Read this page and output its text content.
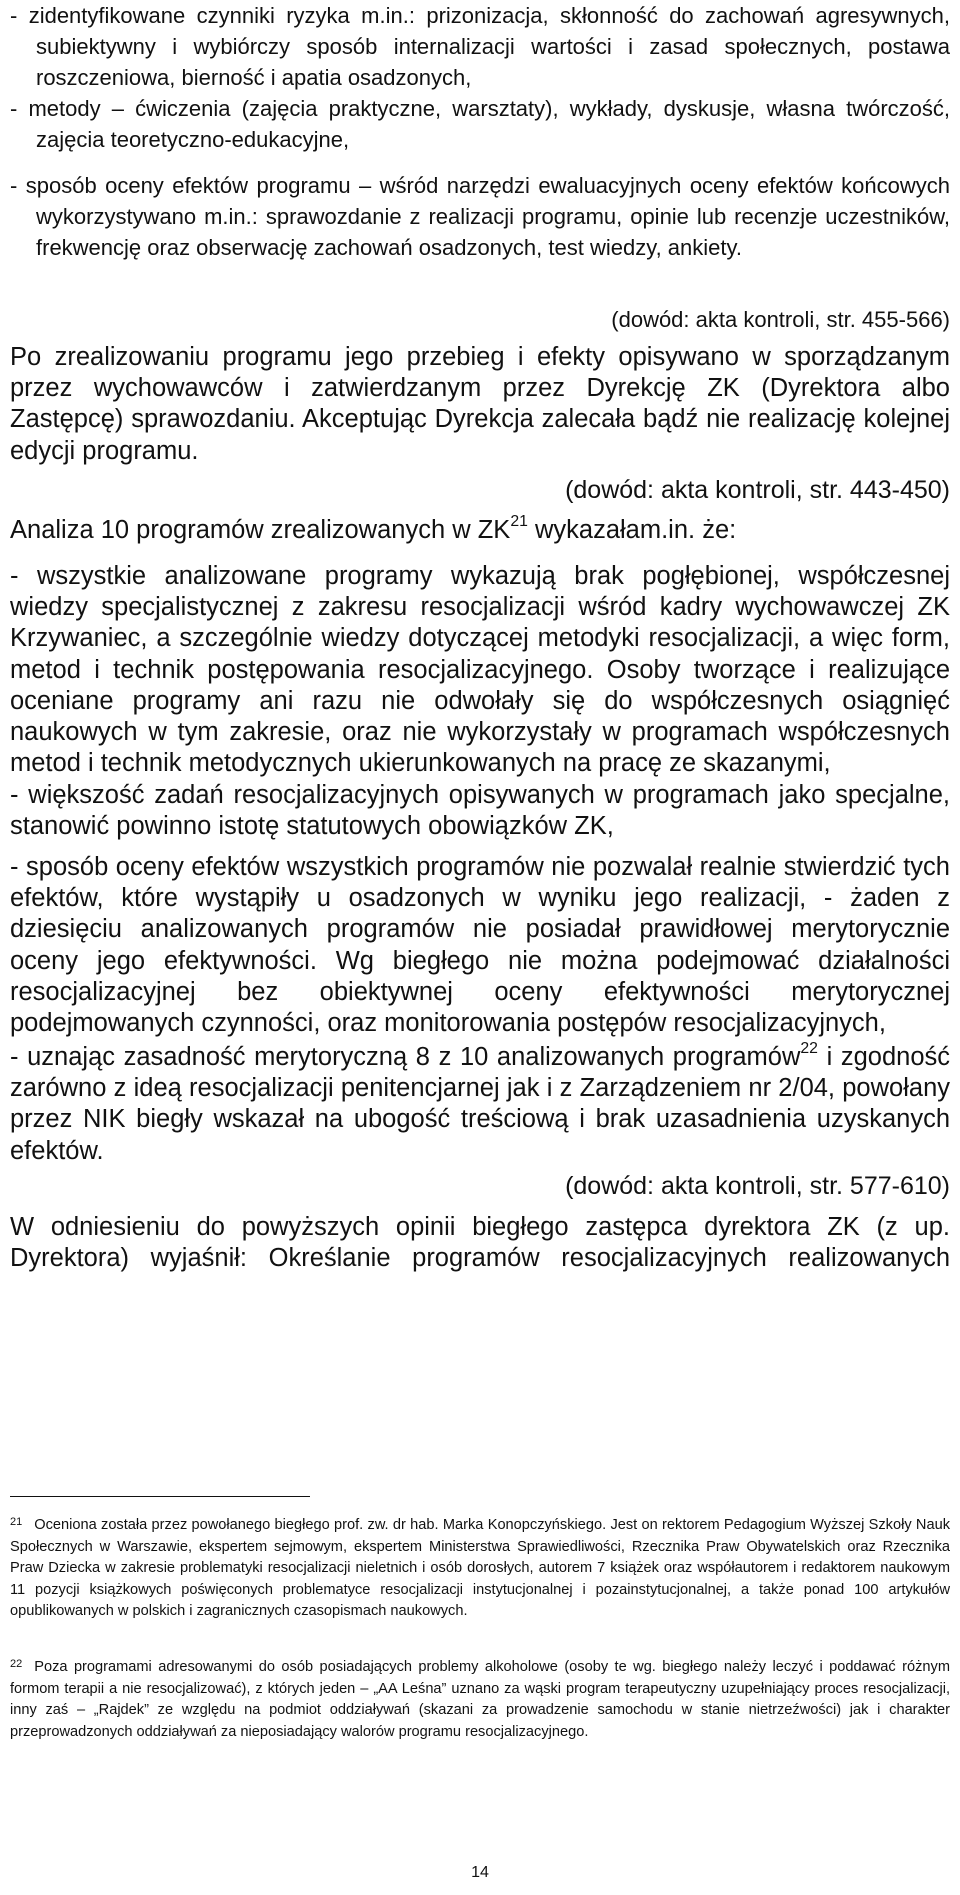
- zidentyfikowane czynniki ryzyka m.in.: prizonizacja, skłonność do zachowań agresywnych, subiektywny i wybiórczy sposób internalizacji wartości i zasad społecznych, postawa roszczeniowa, bierność i apatia osadzonych,

- metody – ćwiczenia (zajęcia praktyczne, warsztaty), wykłady, dyskusje, własna twórczość, zajęcia teoretyczno-edukacyjne,

- sposób oceny efektów programu – wśród narzędzi ewaluacyjnych oceny efektów końcowych wykorzystywano m.in.: sprawozdanie z realizacji programu, opinie lub recenzje uczestników, frekwencję oraz obserwację zachowań osadzonych, test wiedzy, ankiety.

(dowód: akta kontroli, str. 455-566)

Po zrealizowaniu programu jego przebieg i efekty opisywano w sporządzanym przez wychowawców i zatwierdzanym przez Dyrekcję ZK (Dyrektora albo Zastępcę) sprawozdaniu. Akceptując Dyrekcja zalecała bądź nie realizację kolejnej edycji programu.

(dowód: akta kontroli, str. 443-450)

Analiza 10 programów zrealizowanych w ZK$^{21}$ wykazałam.in. że:

- wszystkie analizowane programy wykazują brak pogłębionej, współczesnej wiedzy specjalistycznej z zakresu resocjalizacji wśród kadry wychowawczej ZK Krzywaniec, a szczególnie wiedzy dotyczącej metodyki resocjalizacji, a więc form, metod i technik postępowania resocjalizacyjnego. Osoby tworzące i realizujące oceniane programy ani razu nie odwołały się do współczesnych osiągnięć naukowych w tym zakresie, oraz nie wykorzystały w programach współczesnych metod i technik metodycznych ukierunkowanych na pracę ze skazanymi,

- większość zadań resocjalizacyjnych opisywanych w programach jako specjalne, stanowić powinno istotę statutowych obowiązków ZK,

- sposób oceny efektów wszystkich programów nie pozwalał realnie stwierdzić tych efektów, które wystąpiły u osadzonych w wyniku jego realizacji, - żaden z dziesięciu analizowanych programów nie posiadał prawidłowej merytorycznie oceny jego efektywności. Wg biegłego nie można podejmować działalności resocjalizacyjnej bez obiektywnej oceny efektywności merytorycznej podejmowanych czynności, oraz monitorowania postępów resocjalizacyjnych,

- uznając zasadność merytoryczną 8 z 10 analizowanych programów$^{22}$ i zgodność zarówno z ideą resocjalizacji penitencjarnej jak i z Zarządzeniem nr 2/04, powołany przez NIK biegły wskazał na ubogość treściową i brak uzasadnienia uzyskanych efektów.

(dowód: akta kontroli, str. 577-610)

W odniesieniu do powyższych opinii biegłego zastępca dyrektora ZK (z up. Dyrektora) wyjaśnił: Określanie programów resocjalizacyjnych realizowanych

$^{21}$ Oceniona została przez powołanego biegłego prof. zw. dr hab. Marka Konopczyńskiego. Jest on rektorem Pedagogium Wyższej Szkoły Nauk Społecznych w Warszawie, ekspertem sejmowym, ekspertem Ministerstwa Sprawiedliwości, Rzecznika Praw Obywatelskich oraz Rzecznika Praw Dziecka w zakresie problematyki resocjalizacji nieletnich i osób dorosłych, autorem 7 książek oraz współautorem i redaktorem naukowym 11 pozycji książkowych poświęconych problematyce resocjalizacji instytucjonalnej i pozainstytucjonalnej, a także ponad 100 artykułów opublikowanych w polskich i zagranicznych czasopismach naukowych.

$^{22}$ Poza programami adresowanymi do osób posiadających problemy alkoholowe (osoby te wg. biegłego należy leczyć i poddawać różnym formom terapii a nie resocjalizować), z których jeden – „AA Leśna” uznano za wąski program terapeutyczny uzupełniający proces resocjalizacji, inny zaś – „Rajdek” ze względu na podmiot oddziaływań (skazani za prowadzenie samochodu w stanie nietrzeźwości) jak i charakter przeprowadzonych oddziaływań za nieposiadający walorów programu resocjalizacyjnego.

14
